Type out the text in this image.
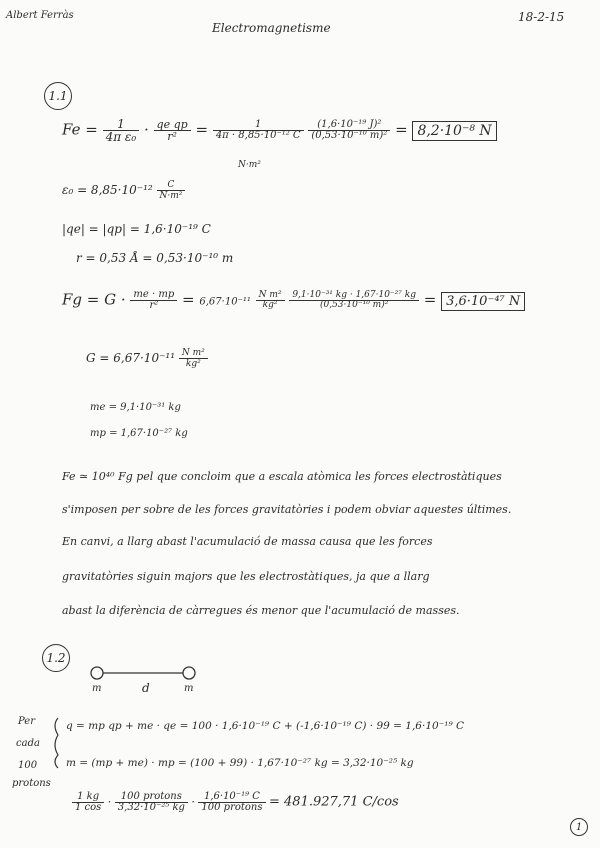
Albert Ferràs
Electromagnetisme
18-2-15
1.1
$Fe = \frac{1}{\text{4π ε₀}} \cdot \frac{\text{qe qp}}{\text{r²}} = \frac{1}{\text{4π · 8,85·10⁻¹² C}}$
$\frac{\text{(1,6·10⁻¹⁹ J)²}}{\text{(0,53·10⁻¹⁰ m)²}} = 8,2\cdot 10^{-8}$ N
N·m²
$\varepsilon_0 = 8,85\cdot 10^{-12} \frac{C}{\text{N·m²}}$
|qe| = |qp| = 1,6·10⁻¹⁹ C
r = 0,53 Å = 0,53·10⁻¹⁰ m
$Fg = G \cdot \frac{me \cdot mp}{\text{r²}} = 6,67\cdot 10^{-11} \frac{\text{N m²}}{\text{kg²}}$
$\frac{\text{9,1·10⁻³¹ kg · 1,67·10⁻²⁷ kg}}{\text{(0,53·10⁻¹⁰ m)²}} = 3,6\cdot 10^{-47}$ N
$G = 6,67\cdot 10^{-11} \frac{\text{N m²}}{\text{kg²}}$
me = 9,1·10⁻³¹ kg
mp = 1,67·10⁻²⁷ kg
Fe ≃ 10⁴⁰ Fg pel que concloim que a escala atòmica les forces electrostàtiques
s'imposen per sobre de les forces gravitatòries i podem obviar aquestes últimes.
En canvi, a llarg abast l'acumulació de massa causa que les forces
gravitatòries siguin majors que les electrostàtiques, ja que a llarg
abast la diferència de càrregues és menor que l'acumulació de masses.
1.2
m	d	m
Per
cada
100
protons
q = mp qp + me · qe = 100 · 1,6·10⁻¹⁹ C + (-1,6·10⁻¹⁹ C) · 99 = 1,6·10⁻¹⁹ C
m = (mp + me) · mp = (100 + 99) · 1,67·10⁻²⁷ kg = 3,32·10⁻²⁵ kg
$\frac{1 kg}{1 \cos} \cdot \frac{\text{100 protons}}{\text{3,32·10⁻²⁵ kg}} \cdot \frac{\text{1,6·10⁻¹⁹ C}}{\text{100 protons}} = 481.927,71$ C/cos
1
